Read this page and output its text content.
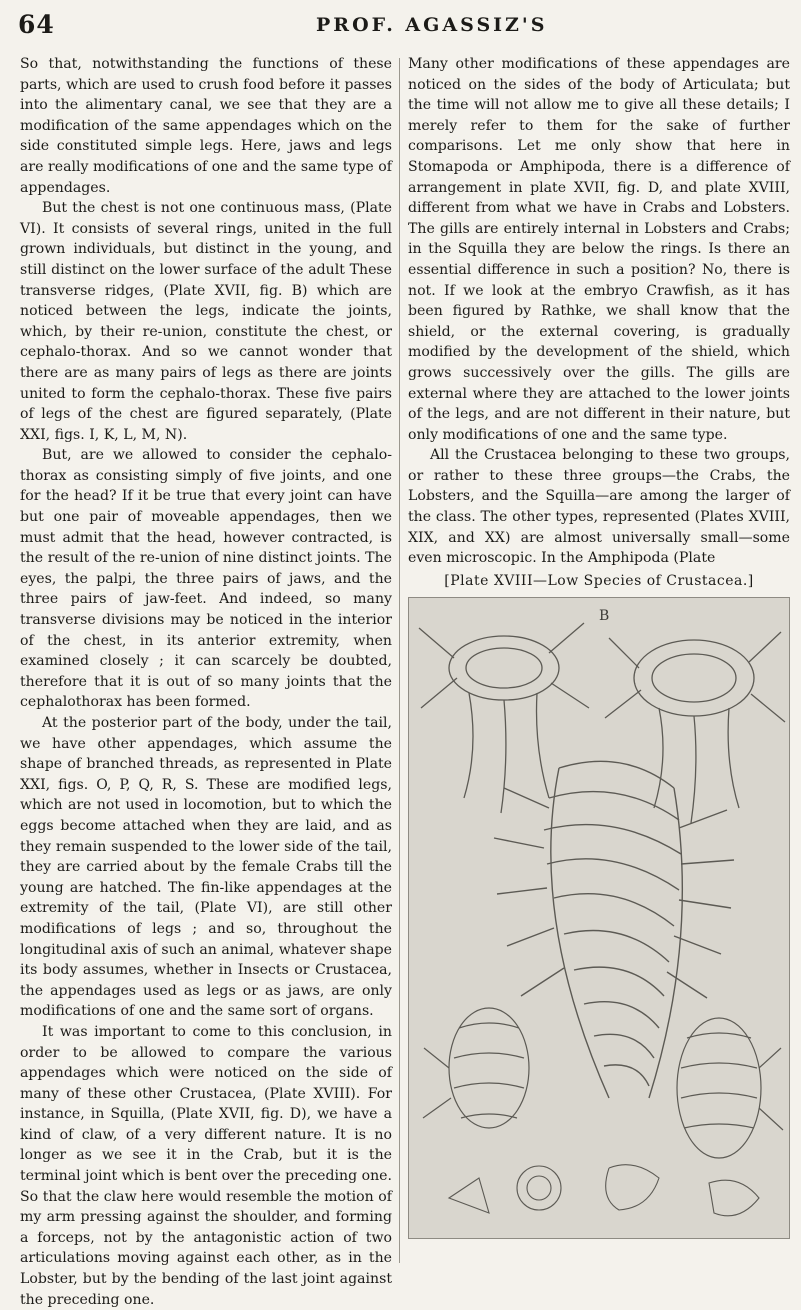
64	PROF. AGASSIZ'S

So that, notwithstanding the functions of these parts, which are used to crush food before it passes into the alimentary canal, we see that they are a modification of the same appendages which on the side constituted simple legs. Here, jaws and legs are really modifications of one and the same type of appendages.

But the chest is not one continuous mass, (Plate VI). It consists of several rings, united in the full grown individuals, but distinct in the young, and still distinct on the lower surface of the adult These transverse ridges, (Plate XVII, fig. B) which are noticed between the legs, indicate the joints, which, by their re-union, constitute the chest, or cephalo-thorax. And so we cannot wonder that there are as many pairs of legs as there are joints united to form the cephalo-thorax. These five pairs of legs of the chest are figured separately, (Plate XXI, figs. I, K, L, M, N).

But, are we allowed to consider the cephalo-thorax as consisting simply of five joints, and one for the head? If it be true that every joint can have but one pair of moveable appendages, then we must admit that the head, however contracted, is the result of the re-union of nine distinct joints. The eyes, the palpi, the three pairs of jaws, and the three pairs of jaw-feet. And indeed, so many transverse divisions may be noticed in the interior of the chest, in its anterior extremity, when examined closely ; it can scarcely be doubted, therefore that it is out of so many joints that the cephalothorax has been formed.

At the posterior part of the body, under the tail, we have other appendages, which assume the shape of branched threads, as represented in Plate XXI, figs. O, P, Q, R, S. These are modified legs, which are not used in locomotion, but to which the eggs become attached when they are laid, and as they remain suspended to the lower side of the tail, they are carried about by the female Crabs till the young are hatched. The fin-like appendages at the extremity of the tail, (Plate VI), are still other modifications of legs ; and so, throughout the longitudinal axis of such an animal, whatever shape its body assumes, whether in Insects or Crustacea, the appendages used as legs or as jaws, are only modifications of one and the same sort of organs.

It was important to come to this conclusion, in order to be allowed to compare the various appendages which were noticed on the side of many of these other Crustacea, (Plate XVIII). For instance, in Squilla, (Plate XVII, fig. D), we have a kind of claw, of a very different nature. It is no longer as we see it in the Crab, but it is the terminal joint which is bent over the preceding one. So that the claw here would resemble the motion of my arm pressing against the shoulder, and forming a forceps, not by the antagonistic action of two articulations moving against each other, as in the Lobster, but by the bending of the last joint against the preceding one.

Many other modifications of these appendages are noticed on the sides of the body of Articulata; but the time will not allow me to give all these details; I merely refer to them for the sake of further comparisons. Let me only show that here in Stomapoda or Amphipoda, there is a difference of arrangement in plate XVII, fig. D, and plate XVIII, different from what we have in Crabs and Lobsters. The gills are entirely internal in Lobsters and Crabs; in the Squilla they are below the rings. Is there an essential difference in such a position? No, there is not. If we look at the embryo Crawfish, as it has been figured by Rathke, we shall know that the shield, or the external covering, is gradually modified by the development of the shield, which grows successively over the gills. The gills are external where they are attached to the lower joints of the legs, and are not different in their nature, but only modifications of one and the same type.

All the Crustacea belonging to these two groups, or rather to these three groups—the Crabs, the Lobsters, and the Squilla—are among the larger of the class. The other types, represented (Plates XVIII, XIX, and XX) are almost universally small—some even microscopic. In the Amphipoda (Plate

[Plate XVIII—Low Species of Crustacea.]
B
